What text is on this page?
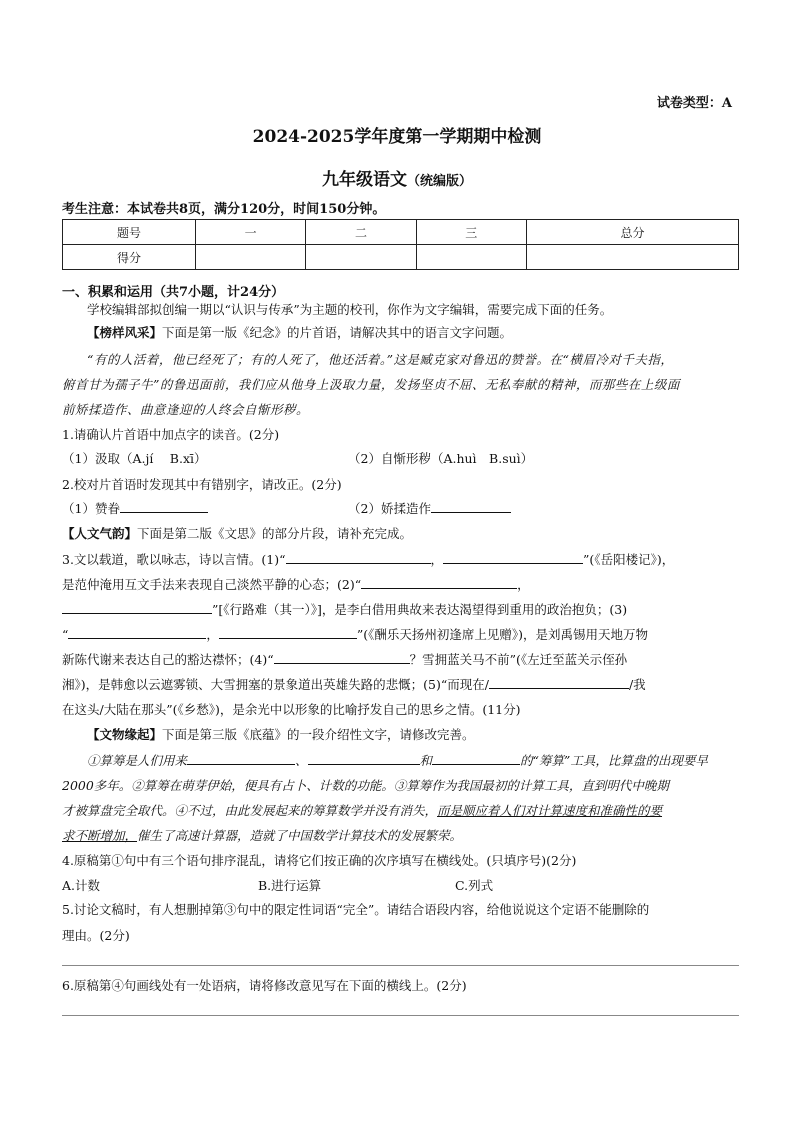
试卷类型：A
2024-2025学年度第一学期期中检测
九年级语文（统编版）
考生注意：本试卷共8页，满分120分，时间150分钟。
题号	一	二	三	总分
得分				
一、积累和运用（共7小题，计24分）
学校编辑部拟创编一期以“认识与传承”为主题的校刊，你作为文字编辑，需要完成下面的任务。
【榜样风采】下面是第一版《纪念》的片首语，请解决其中的语言文字问题。
“有的人活着，他已经死了；有的人死了，他还活着。”这是臧克家对鲁迅的赞誉。在“横眉冷对千夫指，
俯首甘为孺子牛”的鲁迅面前，我们应从他身上汲取力量，发扬坚贞不屈、无私奉献的精神，而那些在上级面
前矫揉造作、曲意逢迎的人终会自惭形秽。
1.请确认片首语中加点字的读音。(2分)
（1）汲取（A.jí　 B.xī）	（2）自惭形秽（A.huì　B.suì）
2.校对片首语时发现其中有错别字，请改正。(2分)
（1）赞眷	（2）娇揉造作
【人文气韵】下面是第二版《文思》的部分片段，请补充完成。
3.文以载道，歌以咏志，诗以言情。(1)“	，	”(《岳阳楼记》)，
是范仲淹用互文手法来表现自己淡然平静的心态；(2)“	，
”[《行路难（其一）》]，是李白借用典故来表达渴望得到重用的政治抱负；(3)
“	，	”(《酬乐天扬州初逢席上见赠》)，是刘禹锡用天地万物
新陈代谢来表达自己的豁达襟怀；(4)“	？雪拥蓝关马不前”(《左迁至蓝关示侄孙
湘》)，是韩愈以云遮雾锁、大雪拥塞的景象道出英雄失路的悲慨；(5)“而现在/	/我
在这头/大陆在那头”(《乡愁》)，是余光中以形象的比喻抒发自己的思乡之情。(11分)
【文物缘起】下面是第三版《底蕴》的一段介绍性文字，请修改完善。
①算筹是人们用来	、	和	的“筹算”工具，比算盘的出现要早
2000多年。②算筹在萌芽伊始，便具有占卜、计数的功能。③算筹作为我国最初的计算工具，直到明代中晚期
才被算盘完全取代。④不过，由此发展起来的筹算数学并没有消失，而是顺应着人们对计算速度和准确性的要
求不断增加，催生了高速计算器，造就了中国数学计算技术的发展繁荣。
4.原稿第①句中有三个语句排序混乱，请将它们按正确的次序填写在横线处。(只填序号)(2分)
A.计数	B.进行运算	C.列式
5.讨论文稿时，有人想删掉第③句中的限定性词语“完全”。请结合语段内容，给他说说这个定语不能删除的
理由。(2分)
6.原稿第④句画线处有一处语病，请将修改意见写在下面的横线上。(2分)
